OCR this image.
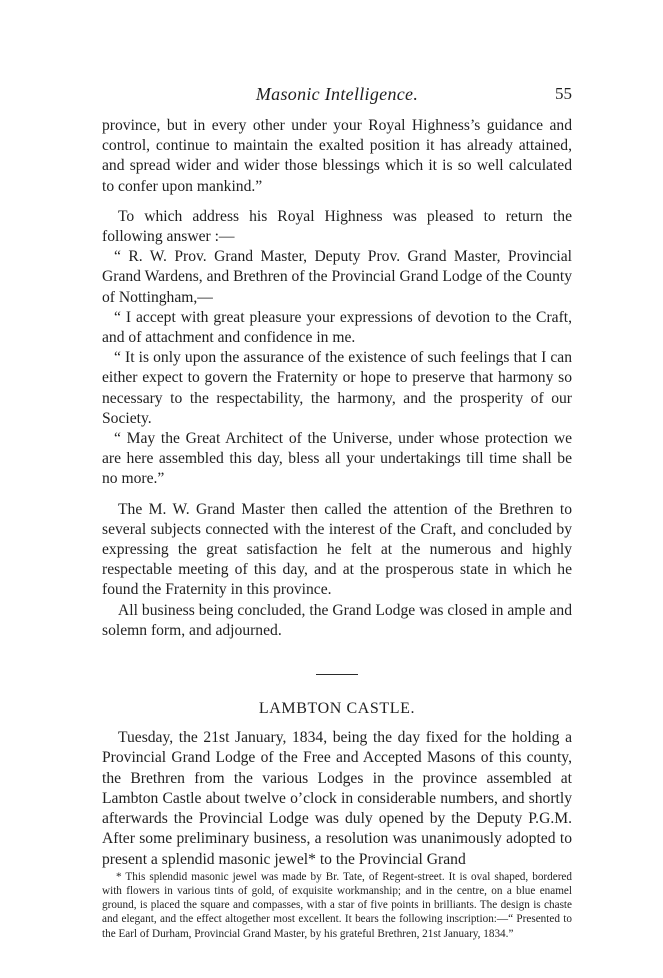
Masonic Intelligence.	55

province, but in every other under your Royal Highness’s guidance and control, continue to maintain the exalted position it has already attained, and spread wider and wider those blessings which it is so well calculated to confer upon mankind.”

To which address his Royal Highness was pleased to return the following answer :—

“ R. W. Prov. Grand Master, Deputy Prov. Grand Master, Provincial Grand Wardens, and Brethren of the Provincial Grand Lodge of the County of Nottingham,—

“ I accept with great pleasure your expressions of devotion to the Craft, and of attachment and confidence in me.

“ It is only upon the assurance of the existence of such feelings that I can either expect to govern the Fraternity or hope to preserve that harmony so necessary to the respectability, the harmony, and the prosperity of our Society.

“ May the Great Architect of the Universe, under whose protection we are here assembled this day, bless all your undertakings till time shall be no more.”

The M. W. Grand Master then called the attention of the Brethren to several subjects connected with the interest of the Craft, and concluded by expressing the great satisfaction he felt at the numerous and highly respectable meeting of this day, and at the prosperous state in which he found the Fraternity in this province.

All business being concluded, the Grand Lodge was closed in ample and solemn form, and adjourned.

LAMBTON CASTLE.

Tuesday, the 21st January, 1834, being the day fixed for the holding a Provincial Grand Lodge of the Free and Accepted Masons of this county, the Brethren from the various Lodges in the province assembled at Lambton Castle about twelve o’clock in considerable numbers, and shortly afterwards the Provincial Lodge was duly opened by the Deputy P.G.M. After some preliminary business, a resolution was unanimously adopted to present a splendid masonic jewel* to the Provincial Grand

* This splendid masonic jewel was made by Br. Tate, of Regent-street. It is oval shaped, bordered with flowers in various tints of gold, of exquisite workmanship; and in the centre, on a blue enamel ground, is placed the square and compasses, with a star of five points in brilliants. The design is chaste and elegant, and the effect altogether most excellent. It bears the following inscription:—“ Presented to the Earl of Durham, Provincial Grand Master, by his grateful Brethren, 21st January, 1834.”
